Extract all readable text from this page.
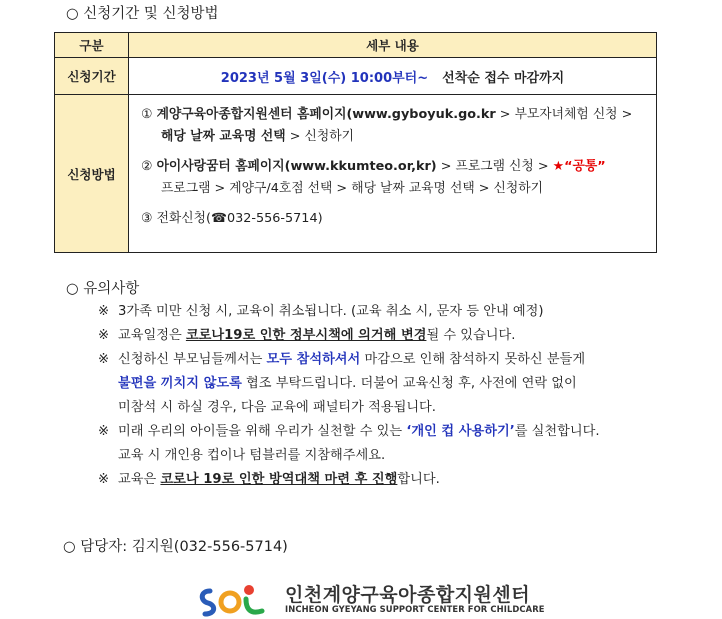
○ 신청기간 및 신청방법
구분	세부 내용
신청기간	2023년 5월 3일(수) 10:00부터~ 선착순 접수 마감까지
신청방법	① 계양구육아종합지원센터 홈페이지(www.gyboyuk.go.kr > 부모자녀체험 신청 >
해당 날짜 교육명 선택 > 신청하기
② 아이사랑꿈터 홈페이지(www.kkumteo.or,kr) > 프로그램 신청 > ★“공통”
프로그램 > 계양구/4호점 선택 > 해당 날짜 교육명 선택 > 신청하기
③ 전화신청(☎032-556-5714)
○ 유의사항
※ 3가족 미만 신청 시, 교육이 취소됩니다. (교육 취소 시, 문자 등 안내 예정)
※ 교육일정은 코로나19로 인한 정부시책에 의거해 변경될 수 있습니다.
※ 신청하신 부모님들께서는 모두 참석하셔서 마감으로 인해 참석하지 못하신 분들게
불편을 끼치지 않도록 협조 부탁드립니다. 더불어 교육신청 후, 사전에 연락 없이
미참석 시 하실 경우, 다음 교육에 패널티가 적용됩니다.
※ 미래 우리의 아이들을 위해 우리가 실천할 수 있는 ‘개인 컵 사용하기’를 실천합니다.
교육 시 개인용 컵이나 텀블러를 지참해주세요.
※ 교육은 코로나 19로 인한 방역대책 마련 후 진행합니다.
○ 담당자: 김지원(032-556-5714)
인천계양구육아종합지원센터
INCHEON GYEYANG SUPPORT CENTER FOR CHILDCARE
